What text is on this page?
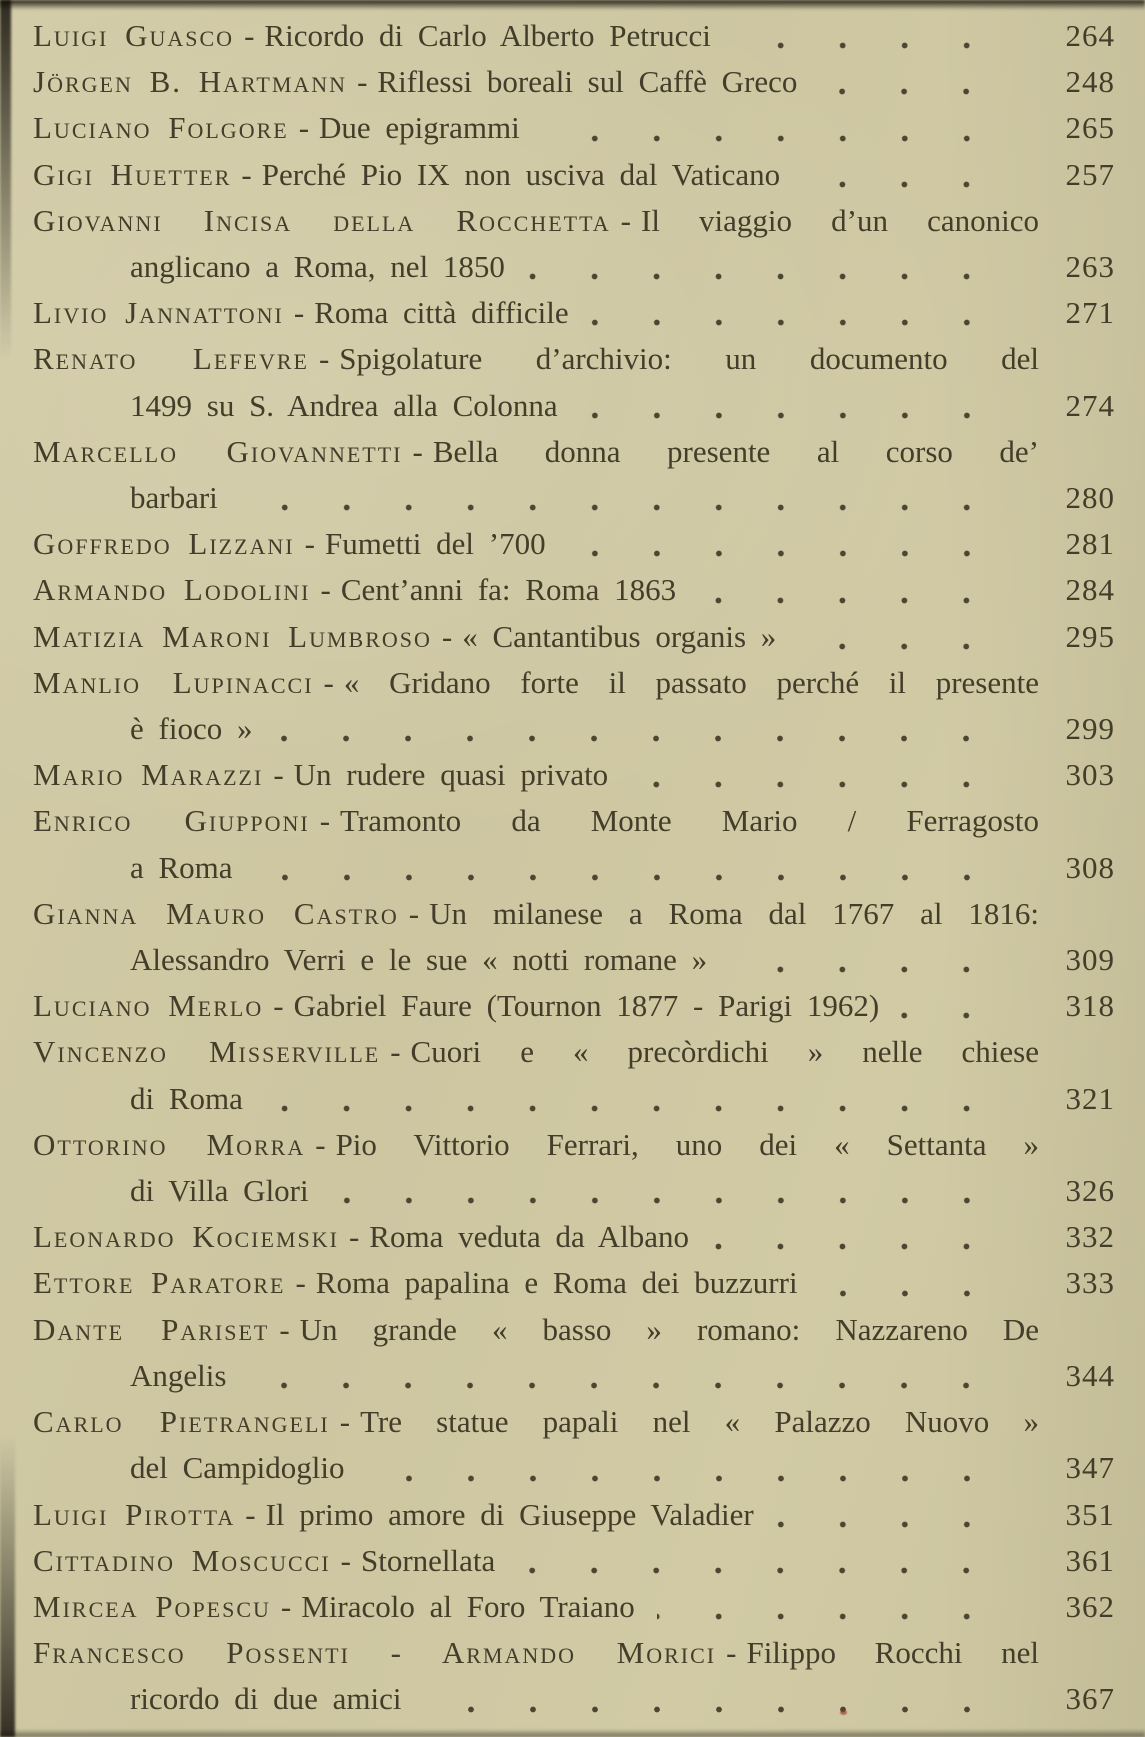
Luigi Guasco - Ricordo di Carlo Alberto Petrucci	264
Jörgen B. Hartmann - Riflessi boreali sul Caffè Greco	248
Luciano Folgore - Due epigrammi	265
Gigi Huetter - Perché Pio IX non usciva dal Vaticano	257
Giovanni Incisa della Rocchetta - Il viaggio d’un canonico
anglicano a Roma, nel 1850	263
Livio Jannattoni - Roma città difficile	271
Renato Lefevre - Spigolature d’archivio: un documento del
1499 su S. Andrea alla Colonna	274
Marcello Giovannetti - Bella donna presente al corso de’
barbari	280
Goffredo Lizzani - Fumetti del ’700	281
Armando Lodolini - Cent’anni fa: Roma 1863	284
Matizia Maroni Lumbroso - « Cantantibus organis »	295
Manlio Lupinacci - « Gridano forte il passato perché il presente
è fioco »	299
Mario Marazzi - Un rudere quasi privato	303
Enrico Giupponi - Tramonto da Monte Mario / Ferragosto
a Roma	308
Gianna Mauro Castro - Un milanese a Roma dal 1767 al 1816:
Alessandro Verri e le sue « notti romane »	309
Luciano Merlo - Gabriel Faure (Tournon 1877 - Parigi 1962)	318
Vincenzo Misserville - Cuori e « precòrdichi » nelle chiese
di Roma	321
Ottorino Morra - Pio Vittorio Ferrari, uno dei « Settanta »
di Villa Glori	326
Leonardo Kociemski - Roma veduta da Albano	332
Ettore Paratore - Roma papalina e Roma dei buzzurri	333
Dante Pariset - Un grande « basso » romano: Nazzareno De
Angelis	344
Carlo Pietrangeli - Tre statue papali nel « Palazzo Nuovo »
del Campidoglio	347
Luigi Pirotta - Il primo amore di Giuseppe Valadier	351
Cittadino Moscucci - Stornellata	361
Mircea Popescu - Miracolo al Foro Traiano	362
Francesco Possenti - Armando Morici - Filippo Rocchi nel
ricordo di due amici	367
